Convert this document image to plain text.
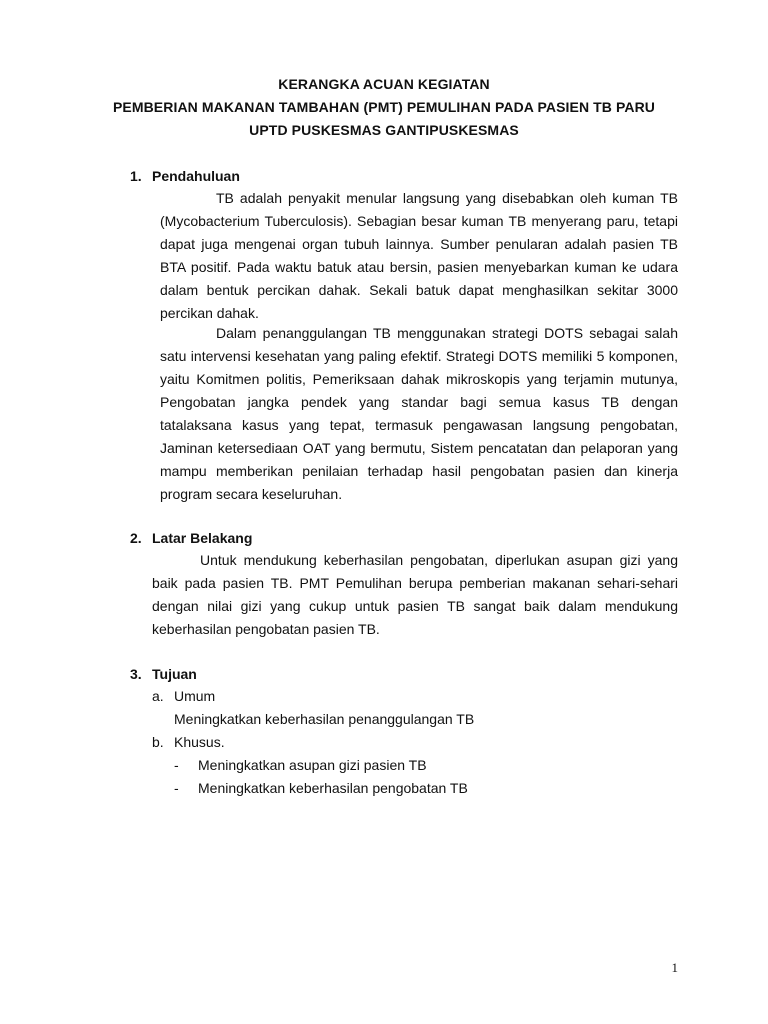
KERANGKA ACUAN KEGIATAN
PEMBERIAN MAKANAN TAMBAHAN (PMT) PEMULIHAN PADA PASIEN TB PARU
UPTD PUSKESMAS GANTIPUSKESMAS
1. Pendahuluan
TB adalah penyakit menular langsung yang disebabkan oleh kuman TB (Mycobacterium Tuberculosis). Sebagian besar kuman TB menyerang paru, tetapi dapat juga mengenai organ tubuh lainnya. Sumber penularan adalah pasien TB BTA positif. Pada waktu batuk atau bersin, pasien menyebarkan kuman ke udara dalam bentuk percikan dahak. Sekali batuk dapat menghasilkan sekitar 3000 percikan dahak.
Dalam penanggulangan TB menggunakan strategi DOTS sebagai salah satu intervensi kesehatan yang paling efektif. Strategi DOTS memiliki 5 komponen, yaitu Komitmen politis, Pemeriksaan dahak mikroskopis yang terjamin mutunya, Pengobatan jangka pendek yang standar bagi semua kasus TB dengan tatalaksana kasus yang tepat, termasuk pengawasan langsung pengobatan, Jaminan ketersediaan OAT yang bermutu, Sistem pencatatan dan pelaporan yang mampu memberikan penilaian terhadap hasil pengobatan pasien dan kinerja program secara keseluruhan.
2. Latar Belakang
Untuk mendukung keberhasilan pengobatan, diperlukan asupan gizi yang baik pada pasien TB. PMT Pemulihan berupa pemberian makanan sehari-sehari dengan nilai gizi yang cukup untuk pasien TB sangat baik dalam mendukung keberhasilan pengobatan pasien TB.
3. Tujuan
a. Umum
Meningkatkan keberhasilan penanggulangan TB
b. Khusus.
- Meningkatkan asupan gizi pasien TB
- Meningkatkan keberhasilan pengobatan TB
1
